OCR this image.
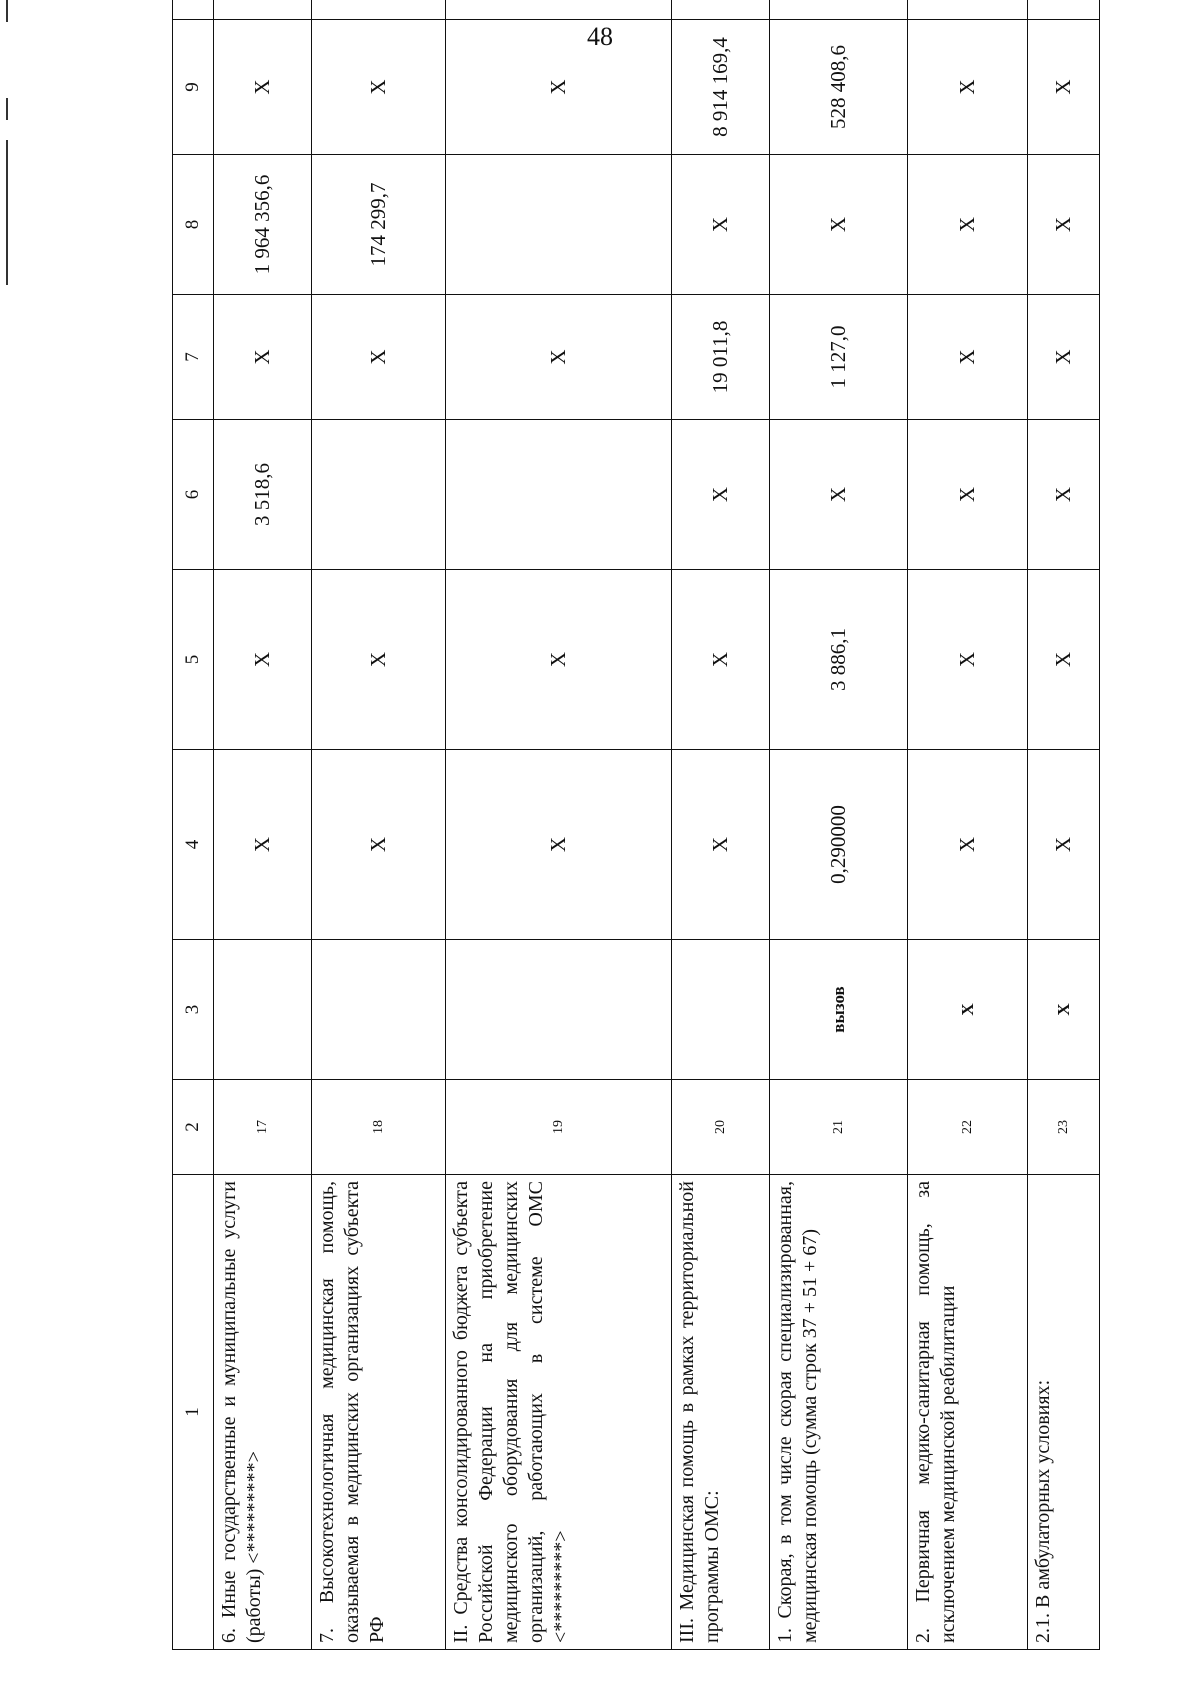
48
1	2	3	4	5	6	7	8	9	
6. Иные государственные и муниципальные услуги (работы) <*********>	17		X	X	3 518,6	X	1 964 356,6	X	
7. Высокотехнологичная медицинская помощь, оказываемая в медицинских организациях субъекта РФ	18		X	X		X	174 299,7	X	
II. Средства консолидированного бюджета субъекта Российской Федерации на приобретение медицинского оборудования для медицинских организаций, работающих в системе ОМС <*********>	19		X	X		X		X	
III. Медицинская помощь в рамках территориальной программы ОМС:	20		X	X	X	19 011,8	X	8 914 169,4	
1. Скорая, в том числе скорая специализированная, медицинская помощь (сумма строк 37 + 51 + 67)	21	вызов	0,290000	3 886,1	X	1 127,0	X	528 408,6	
2. Первичная медико-санитарная помощь, за исключением медицинской реабилитации	22	X	X	X	X	X	X	X	
2.1. В амбулаторных условиях:	23	X	X	X	X	X	X	X	
